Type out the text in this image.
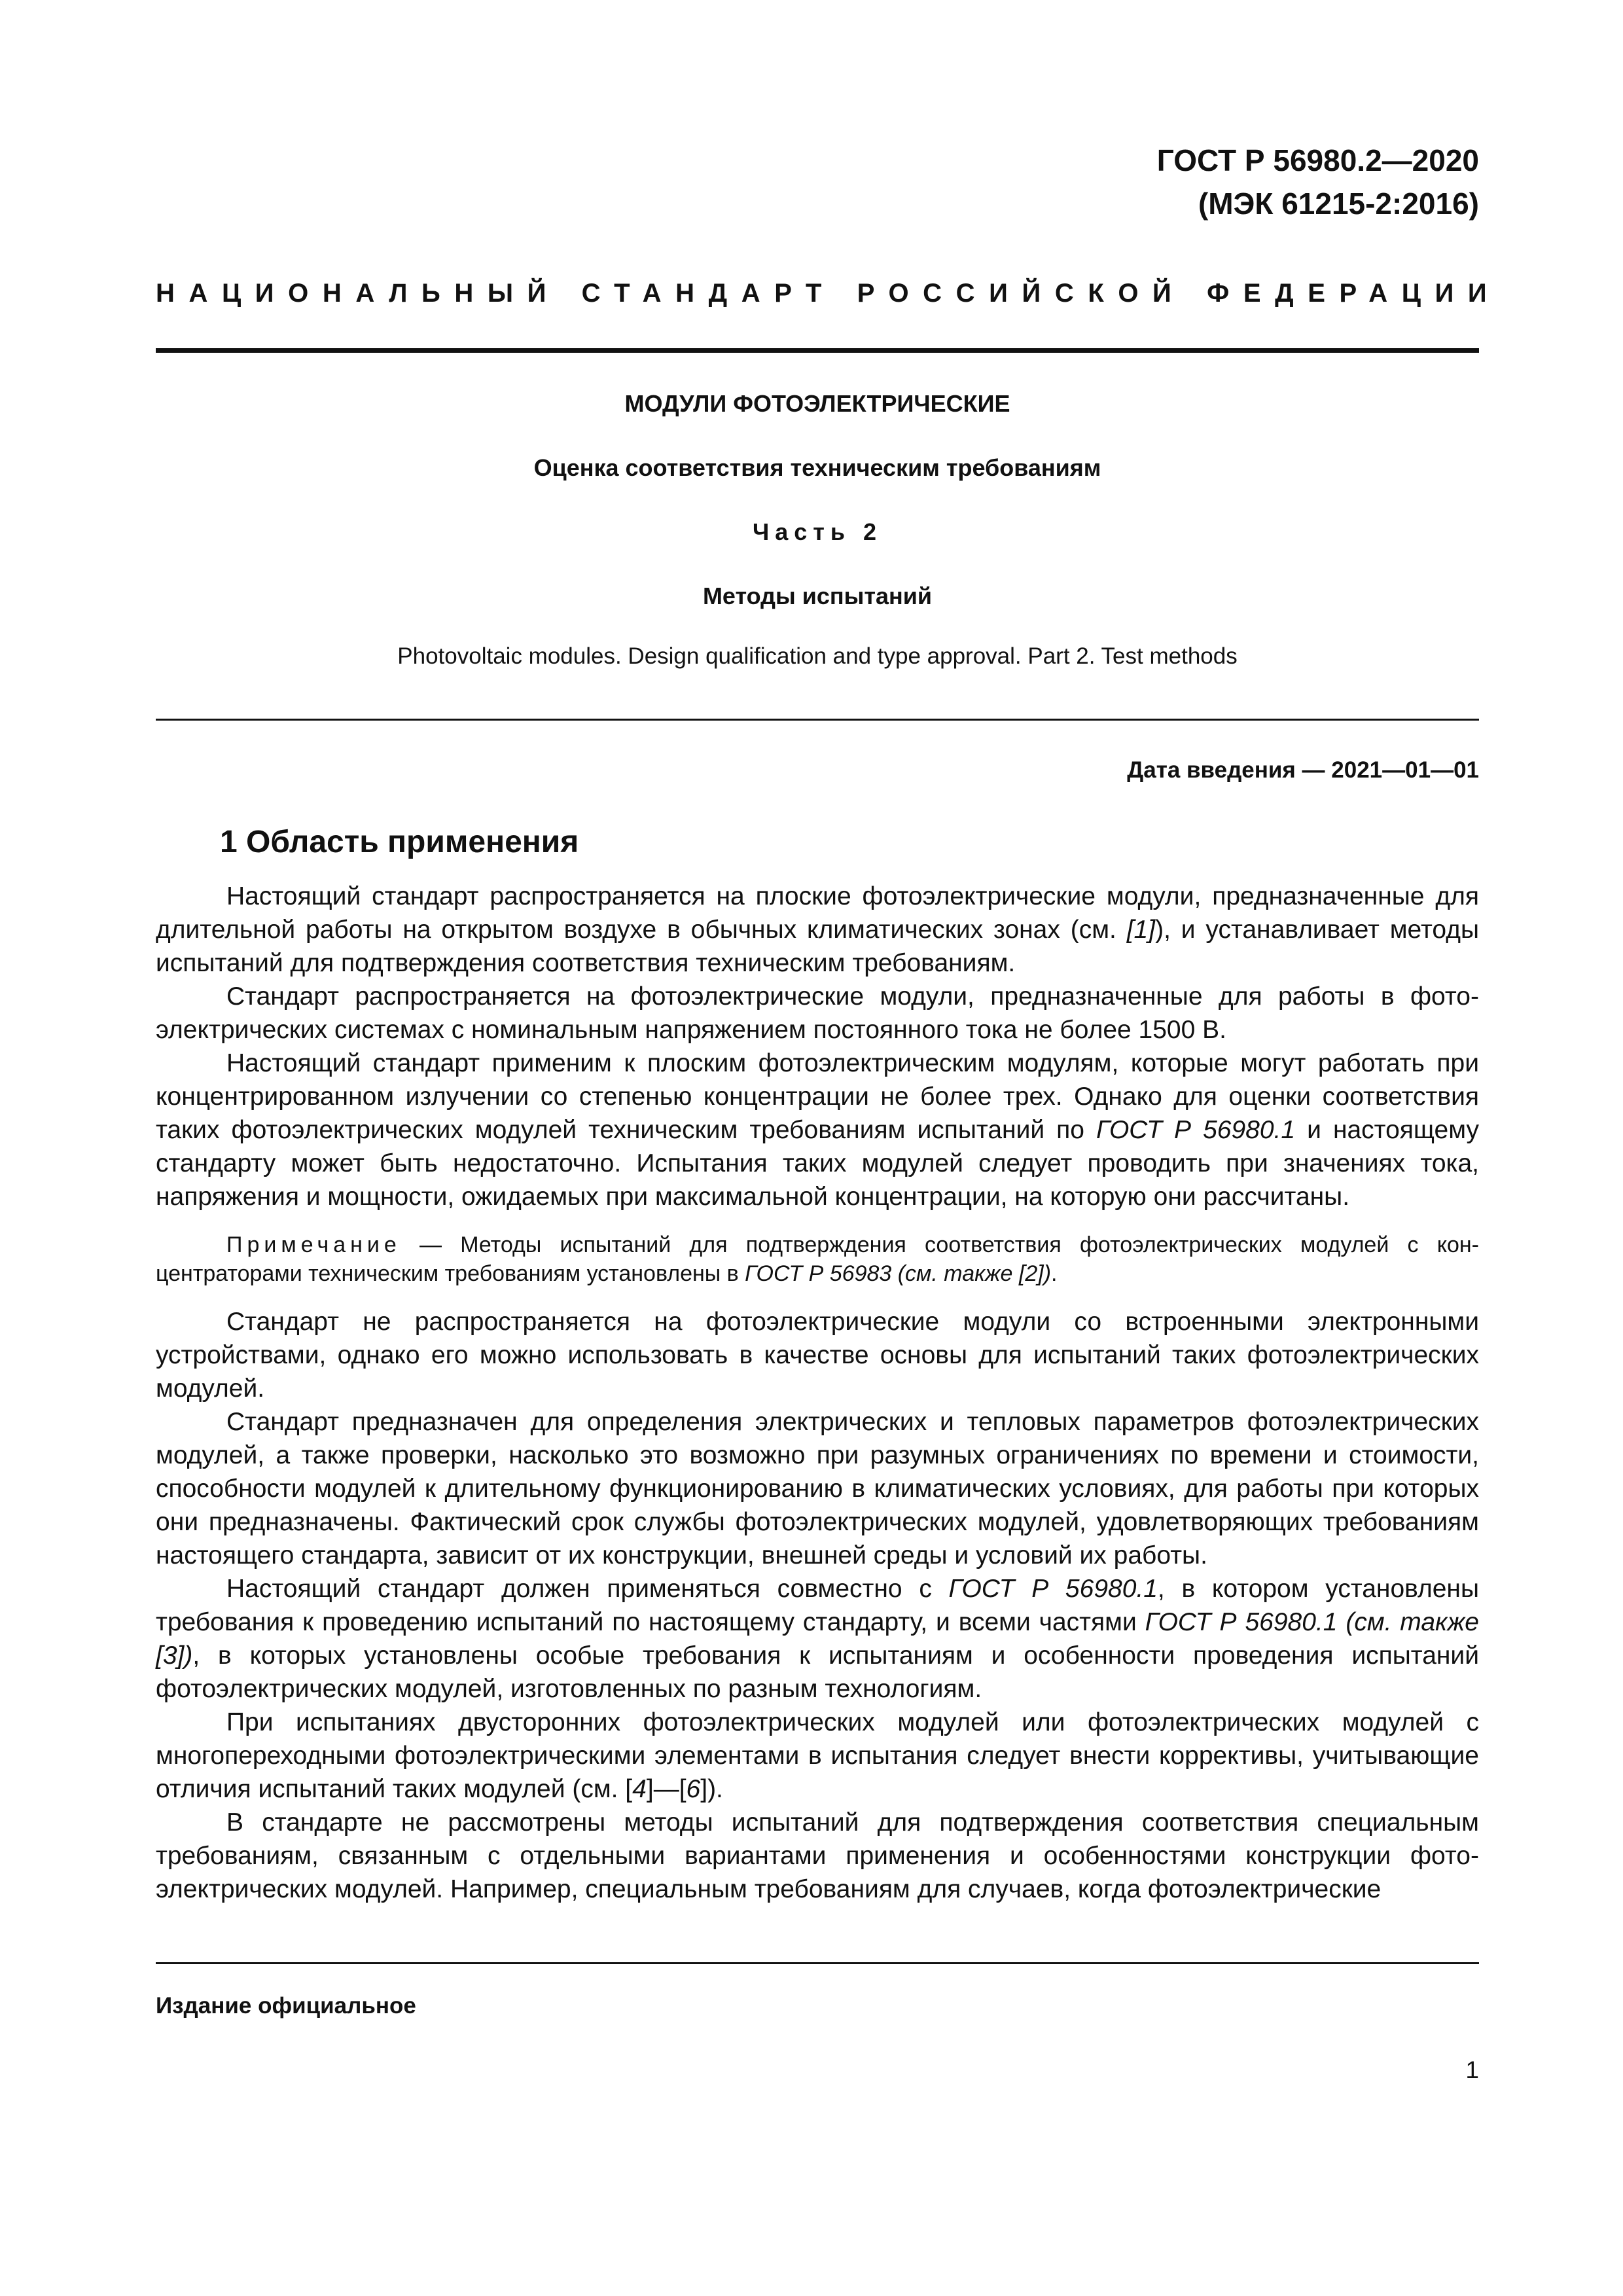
ГОСТ Р 56980.2—2020
(МЭК 61215-2:2016)
НАЦИОНАЛЬНЫЙ СТАНДАРТ РОССИЙСКОЙ ФЕДЕРАЦИИ
МОДУЛИ ФОТОЭЛЕКТРИЧЕСКИЕ
Оценка соответствия техническим требованиям
Часть 2
Методы испытаний
Photovoltaic modules. Design qualification and type approval. Part 2. Test methods
Дата введения — 2021—01—01
1 Область применения

Настоящий стандарт распространяется на плоские фотоэлектрические модули, предназначенные для длительной работы на открытом воздухе в обычных климатических зонах (см. [1]), и устанавливает методы испытаний для подтверждения соответствия техническим требованиям.

Стандарт распространяется на фотоэлектрические модули, предназначенные для работы в фотоэлектрических системах с номинальным напряжением постоянного тока не более 1500 В.

Настоящий стандарт применим к плоским фотоэлектрическим модулям, которые могут работать при концентрированном излучении со степенью концентрации не более трех. Однако для оценки соответствия таких фотоэлектрических модулей техническим требованиям испытаний по ГОСТ Р 56980.1 и настоящему стандарту может быть недостаточно. Испытания таких модулей следует проводить при значениях тока, напряжения и мощности, ожидаемых при максимальной концентрации, на которую они рассчитаны.

Примечание — Методы испытаний для подтверждения соответствия фотоэлектрических модулей с концентраторами техническим требованиям установлены в ГОСТ Р 56983 (см. также [2]).

Стандарт не распространяется на фотоэлектрические модули со встроенными электронными устройствами, однако его можно использовать в качестве основы для испытаний таких фотоэлектрических модулей.

Стандарт предназначен для определения электрических и тепловых параметров фотоэлектрических модулей, а также проверки, насколько это возможно при разумных ограничениях по времени и стоимости, способности модулей к длительному функционированию в климатических условиях, для работы при которых они предназначены. Фактический срок службы фотоэлектрических модулей, удовлетворяющих требованиям настоящего стандарта, зависит от их конструкции, внешней среды и условий их работы.

Настоящий стандарт должен применяться совместно с ГОСТ Р 56980.1, в котором установлены требования к проведению испытаний по настоящему стандарту, и всеми частями ГОСТ Р 56980.1 (см. также [3]), в которых установлены особые требования к испытаниям и особенности проведения испытаний фотоэлектрических модулей, изготовленных по разным технологиям.

При испытаниях двусторонних фотоэлектрических модулей или фотоэлектрических модулей с многопереходными фотоэлектрическими элементами в испытания следует внести коррективы, учитывающие отличия испытаний таких модулей (см. [4]—[6]).

В стандарте не рассмотрены методы испытаний для подтверждения соответствия специальным требованиям, связанным с отдельными вариантами применения и особенностями конструкции фотоэлектрических модулей. Например, специальным требованиям для случаев, когда фотоэлектрические

Издание официальное
1
